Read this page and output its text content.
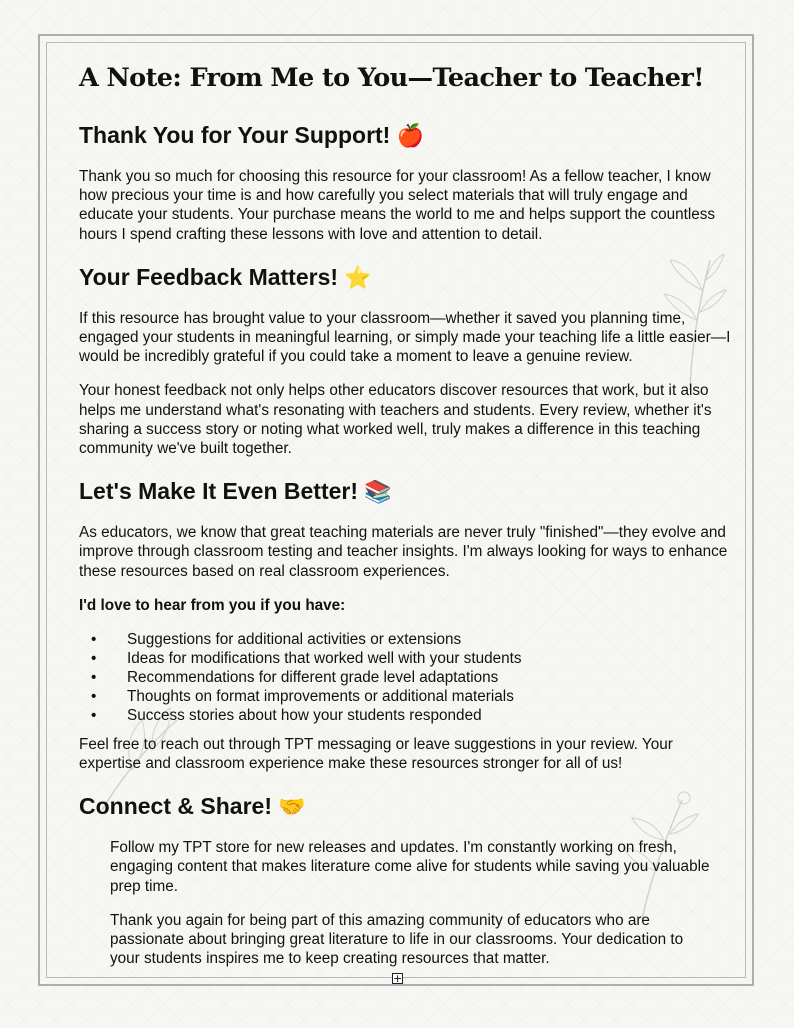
A Note: From Me to You—Teacher to Teacher!
Thank You for Your Support! 🍎

Thank you so much for choosing this resource for your classroom! As a fellow teacher, I know how precious your time is and how carefully you select materials that will truly engage and educate your students. Your purchase means the world to me and helps support the countless hours I spend crafting these lessons with love and attention to detail.

Your Feedback Matters! ⭐

If this resource has brought value to your classroom—whether it saved you planning time, engaged your students in meaningful learning, or simply made your teaching life a little easier—I would be incredibly grateful if you could take a moment to leave a genuine review.

Your honest feedback not only helps other educators discover resources that work, but it also helps me understand what's resonating with teachers and students. Every review, whether it's sharing a success story or noting what worked well, truly makes a difference in this teaching community we've built together.

Let's Make It Even Better! 📚

As educators, we know that great teaching materials are never truly "finished"—they evolve and improve through classroom testing and teacher insights. I'm always looking for ways to enhance these resources based on real classroom experiences.

I'd love to hear from you if you have:
• Suggestions for additional activities or extensions
• Ideas for modifications that worked well with your students
• Recommendations for different grade level adaptations
• Thoughts on format improvements or additional materials
• Success stories about how your students responded

Feel free to reach out through TPT messaging or leave suggestions in your review. Your expertise and classroom experience make these resources stronger for all of us!

Connect & Share! 🤝

Follow my TPT store for new releases and updates. I'm constantly working on fresh, engaging content that makes literature come alive for students while saving you valuable prep time.

Thank you again for being part of this amazing community of educators who are passionate about bringing great literature to life in our classrooms. Your dedication to your students inspires me to keep creating resources that matter.

+
